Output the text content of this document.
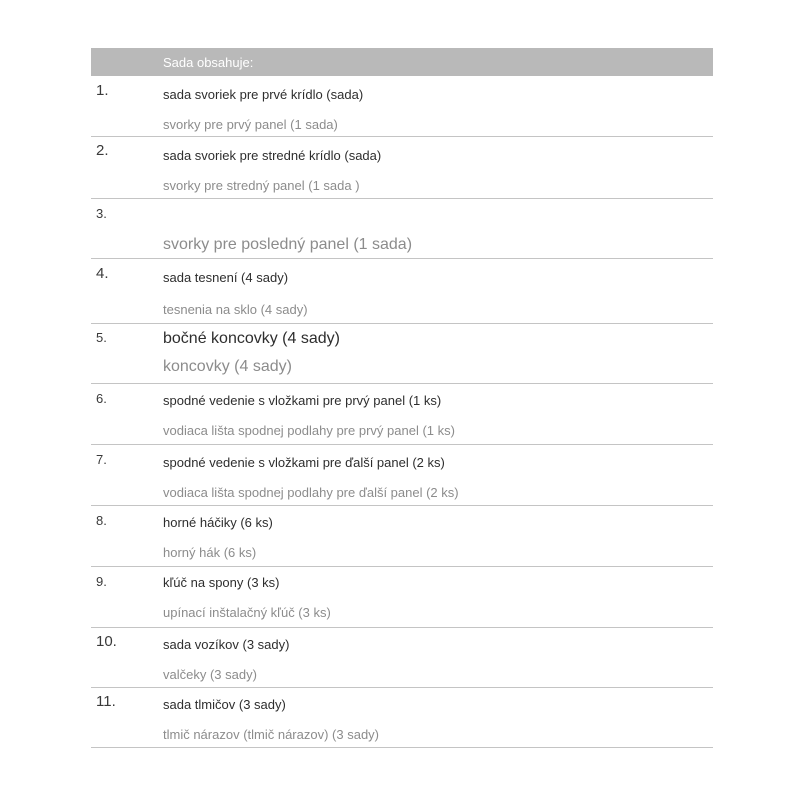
Sada obsahuje:
1.	sada svoriek pre prvé krídlo (sada)
svorky pre prvý panel (1 sada)
2.	sada svoriek pre stredné krídlo (sada)
svorky pre stredný panel (1 sada )
3.
svorky pre posledný panel (1 sada)
4.	sada tesnení (4 sady)
tesnenia na sklo (4 sady)
5.	bočné koncovky (4 sady)
koncovky (4 sady)
6.	spodné vedenie s vložkami pre prvý panel (1 ks)
vodiaca lišta spodnej podlahy pre prvý panel (1 ks)
7.	spodné vedenie s vložkami pre ďalší panel (2 ks)
vodiaca lišta spodnej podlahy pre ďalší panel (2 ks)
8.	horné háčiky (6 ks)
horný hák (6 ks)
9.	kľúč na spony (3 ks)
upínací inštalačný kľúč (3 ks)
10.	sada vozíkov (3 sady)
valčeky (3 sady)
11.	sada tlmičov (3 sady)
tlmič nárazov (tlmič nárazov) (3 sady)
